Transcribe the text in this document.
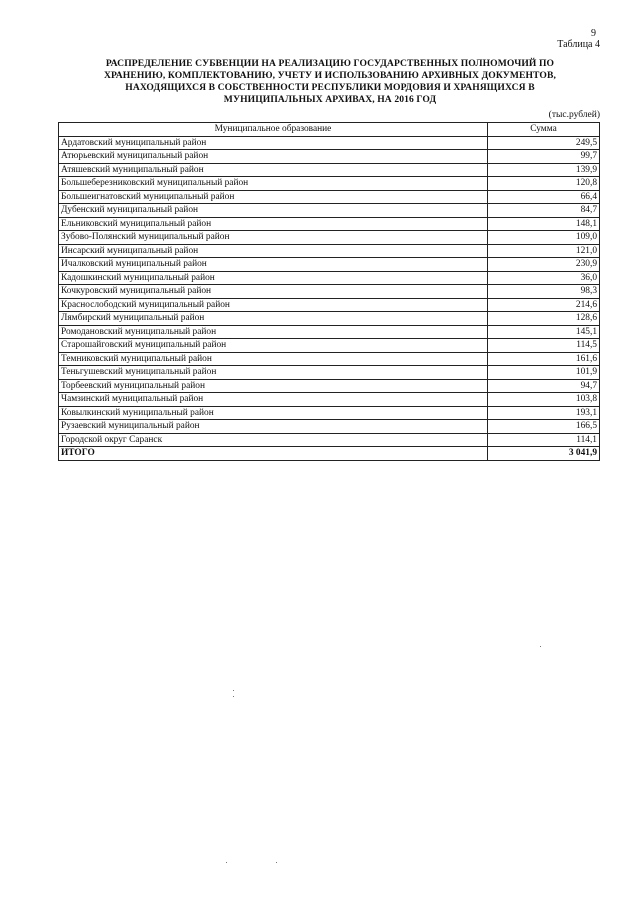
9
Таблица 4
РАСПРЕДЕЛЕНИЕ СУБВЕНЦИИ НА РЕАЛИЗАЦИЮ ГОСУДАРСТВЕННЫХ ПОЛНОМОЧИЙ ПО
ХРАНЕНИЮ, КОМПЛЕКТОВАНИЮ, УЧЕТУ И ИСПОЛЬЗОВАНИЮ АРХИВНЫХ ДОКУМЕНТОВ,
НАХОДЯЩИХСЯ В СОБСТВЕННОСТИ РЕСПУБЛИКИ МОРДОВИЯ И ХРАНЯЩИХСЯ В
МУНИЦИПАЛЬНЫХ АРХИВАХ, НА 2016 ГОД
(тыс.рублей)
Муниципальное образование	Сумма
Ардатовский муниципальный район	249,5
Атюрьевский муниципальный район	99,7
Атяшевский муниципальный район	139,9
Большеберезниковский муниципальный район	120,8
Большеигнатовский муниципальный район	66,4
Дубенский муниципальный район	84,7
Ельниковский муниципальный район	148,1
Зубово-Полянский муниципальный район	109,0
Инсарский муниципальный район	121,0
Ичалковский муниципальный район	230,9
Кадошкинский муниципальный район	36,0
Кочкуровский муниципальный район	98,3
Краснослободский муниципальный район	214,6
Лямбирский муниципальный район	128,6
Ромодановский муниципальный район	145,1
Старошайговский муниципальный район	114,5
Темниковский муниципальный район	161,6
Теньгушевский муниципальный район	101,9
Торбеевский муниципальный район	94,7
Чамзинский муниципальный район	103,8
Ковылкинский муниципальный район	193,1
Рузаевский муниципальный район	166,5
Городской округ Саранск	114,1
ИТОГО	3 041,9
